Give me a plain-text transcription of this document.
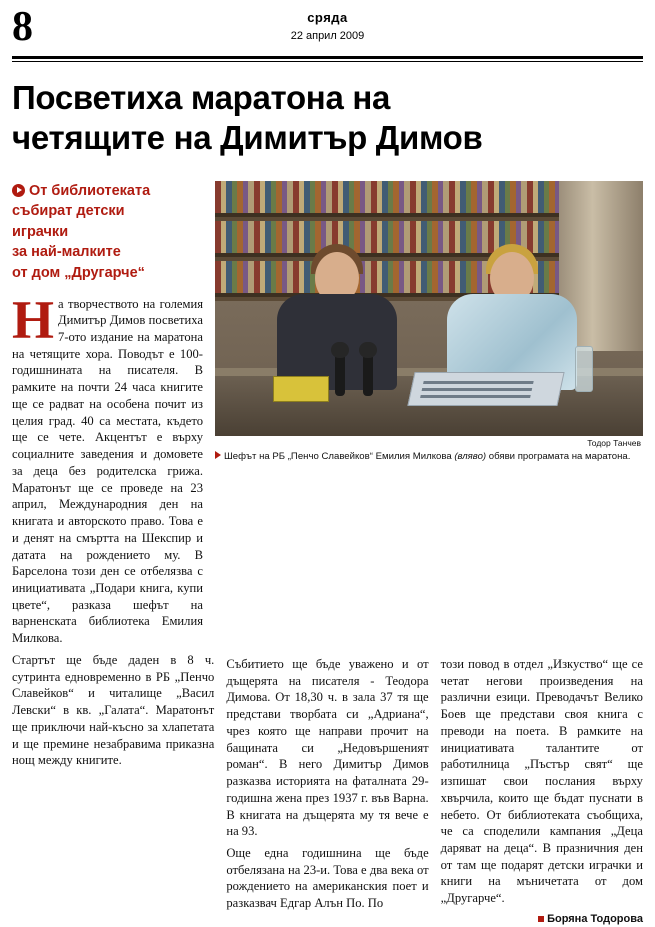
8	сряда
22 април 2009
Посветиха маратона на
четящите на Димитър Димов
От библиотеката
събират детски
играчки
за най-малките
от дом „Другарче“
На творчеството на големия Димитър Димов посветиха 7-ото издание на маратона на четящите хора. Поводът е 100-годишнината на писателя. В рамките на почти 24 часа книгите ще се радват на особена почит из целия град. 40 са местата, където ще се чете. Акцентът е върху социалните заведения и домовете за деца без родителска грижа. Маратонът ще се проведе на 23 април, Международния ден на книгата и авторското право. Това е и денят на смъртта на Шекспир и датата на рождението му. В Барселона този ден се отбелязва с инициативата „Подари книга, купи цвете“, разказа шефът на варненската библиотека Емилия Милкова.
Тодор Танчев
Шефът на РБ „Пенчо Славейков“ Емилия Милкова (вляво) обяви програмата на маратона.

Стартът ще бъде даден в 8 ч. сутринта едновременно в РБ „Пенчо Славейков“ и читалище „Васил Левски“ в кв. „Галата“. Маратонът ще приключи най-късно за хлапетата и ще премине незабравима приказна нощ между книгите.

Събитието ще бъде уважено и от дъщерята на писателя - Теодора Димова. От 18,30 ч. в зала 37 тя ще представи творбата си „Адриана“, чрез която ще направи прочит на бащината си „Недовършеният роман“. В него Димитър Димов разказва историята на фаталната 29-годишна жена през 1937 г. във Варна. В книгата на дъщерята му тя вече е на 93.

Още една годишнина ще бъде отбелязана на 23-и. Това е два века от рождението на американския поет и разказвач Едгар Алън По. По

този повод в отдел „Изкуство“ ще се четат негови произведения на различни езици. Преводачът Велико Боев ще представи своя книга с преводи на поета. В рамките на инициативата талантите от работилница „Пъстър свят“ ще изпишат свои послания върху хвърчила, които ще бъдат пуснати в небето. От библиотеката съобщиха, че са споделили кампания „Деца даряват на деца“. В празничния ден от там ще подарят детски играчки и книги на мъничетата от дом „Другарче“.

Боряна Тодорова
